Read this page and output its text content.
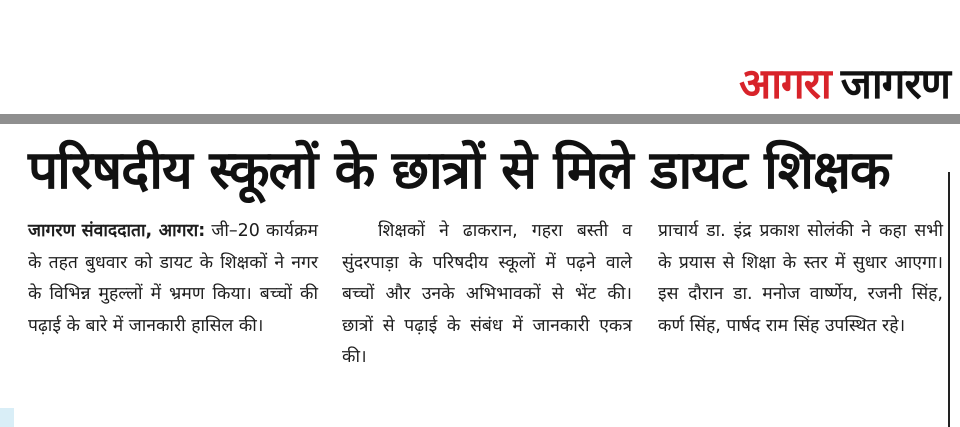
आगरा जागरण
परिषदीय स्कूलों के छात्रों से मिले डायट शिक्षक
जागरण संवाददाता, आगरा: जी–20 कार्यक्रम के तहत बुधवार को डायट के शिक्षकों ने नगर के विभिन्न मुहल्लों में भ्रमण किया। बच्चों की पढ़ाई के बारे में जानकारी हासिल की।
शिक्षकों ने ढाकरान, गहरा बस्ती व सुंदरपाड़ा के परिषदीय स्कूलों में पढ़ने वाले बच्चों और उनके अभिभावकों से भेंट की। छात्रों से पढ़ाई के संबंध में जानकारी एकत्र की।
प्राचार्य डा. इंद्र प्रकाश सोलंकी ने कहा सभी के प्रयास से शिक्षा के स्तर में सुधार आएगा। इस दौरान डा. मनोज वार्ष्णेय, रजनी सिंह, कर्ण सिंह, पार्षद राम सिंह उपस्थित रहे।
